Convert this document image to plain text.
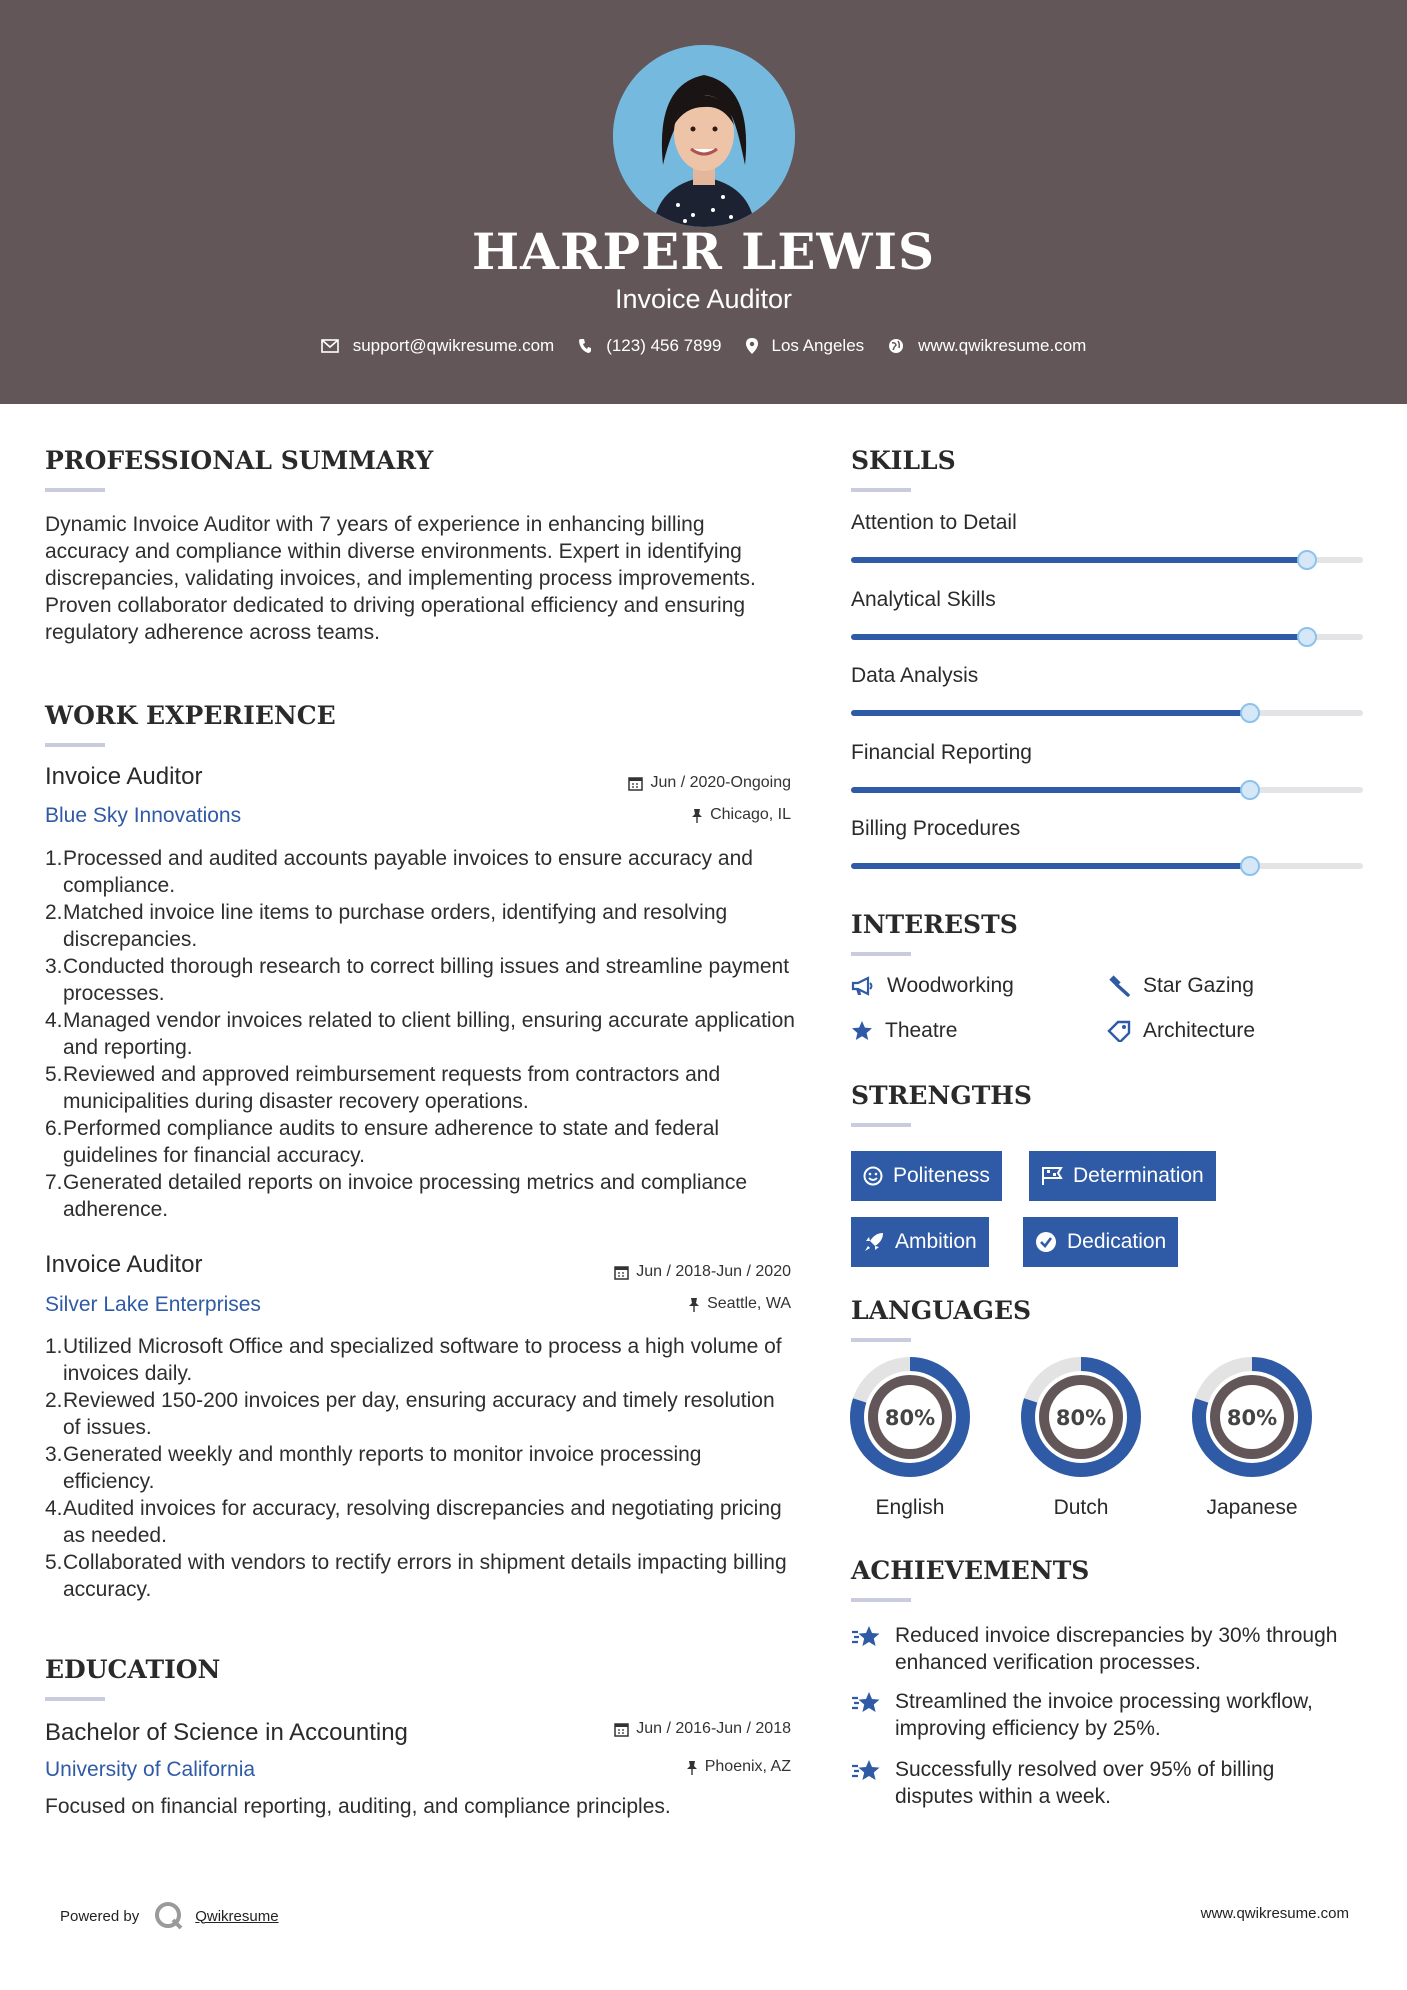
HARPER LEWIS
Invoice Auditor
support@qwikresume.com	(123) 456 7899	Los Angeles	www.qwikresume.com
PROFESSIONAL SUMMARY
Dynamic Invoice Auditor with 7 years of experience in enhancing billing accuracy and compliance within diverse environments. Expert in identifying discrepancies, validating invoices, and implementing process improvements. Proven collaborator dedicated to driving operational efficiency and ensuring regulatory adherence across teams.
WORK EXPERIENCE
Invoice Auditor	Jun / 2020-Ongoing
Blue Sky Innovations	Chicago, IL
1. Processed and audited accounts payable invoices to ensure accuracy and compliance.
2. Matched invoice line items to purchase orders, identifying and resolving discrepancies.
3. Conducted thorough research to correct billing issues and streamline payment processes.
4. Managed vendor invoices related to client billing, ensuring accurate application and reporting.
5. Reviewed and approved reimbursement requests from contractors and municipalities during disaster recovery operations.
6. Performed compliance audits to ensure adherence to state and federal guidelines for financial accuracy.
7. Generated detailed reports on invoice processing metrics and compliance adherence.
Invoice Auditor	Jun / 2018-Jun / 2020
Silver Lake Enterprises	Seattle, WA
1. Utilized Microsoft Office and specialized software to process a high volume of invoices daily.
2. Reviewed 150-200 invoices per day, ensuring accuracy and timely resolution of issues.
3. Generated weekly and monthly reports to monitor invoice processing efficiency.
4. Audited invoices for accuracy, resolving discrepancies and negotiating pricing as needed.
5. Collaborated with vendors to rectify errors in shipment details impacting billing accuracy.
EDUCATION
Bachelor of Science in Accounting	Jun / 2016-Jun / 2018
University of California	Phoenix, AZ
Focused on financial reporting, auditing, and compliance principles.
SKILLS
Attention to Detail
Analytical Skills
Data Analysis
Financial Reporting
Billing Procedures
INTERESTS
Woodworking	Star Gazing
Theatre	Architecture
STRENGTHS
Politeness	Determination
Ambition	Dedication
LANGUAGES
80%
English
80%
Dutch
80%
Japanese
ACHIEVEMENTS
Reduced invoice discrepancies by 30% through enhanced verification processes.
Streamlined the invoice processing workflow, improving efficiency by 25%.
Successfully resolved over 95% of billing disputes within a week.
Powered by	Qwikresume	www.qwikresume.com
